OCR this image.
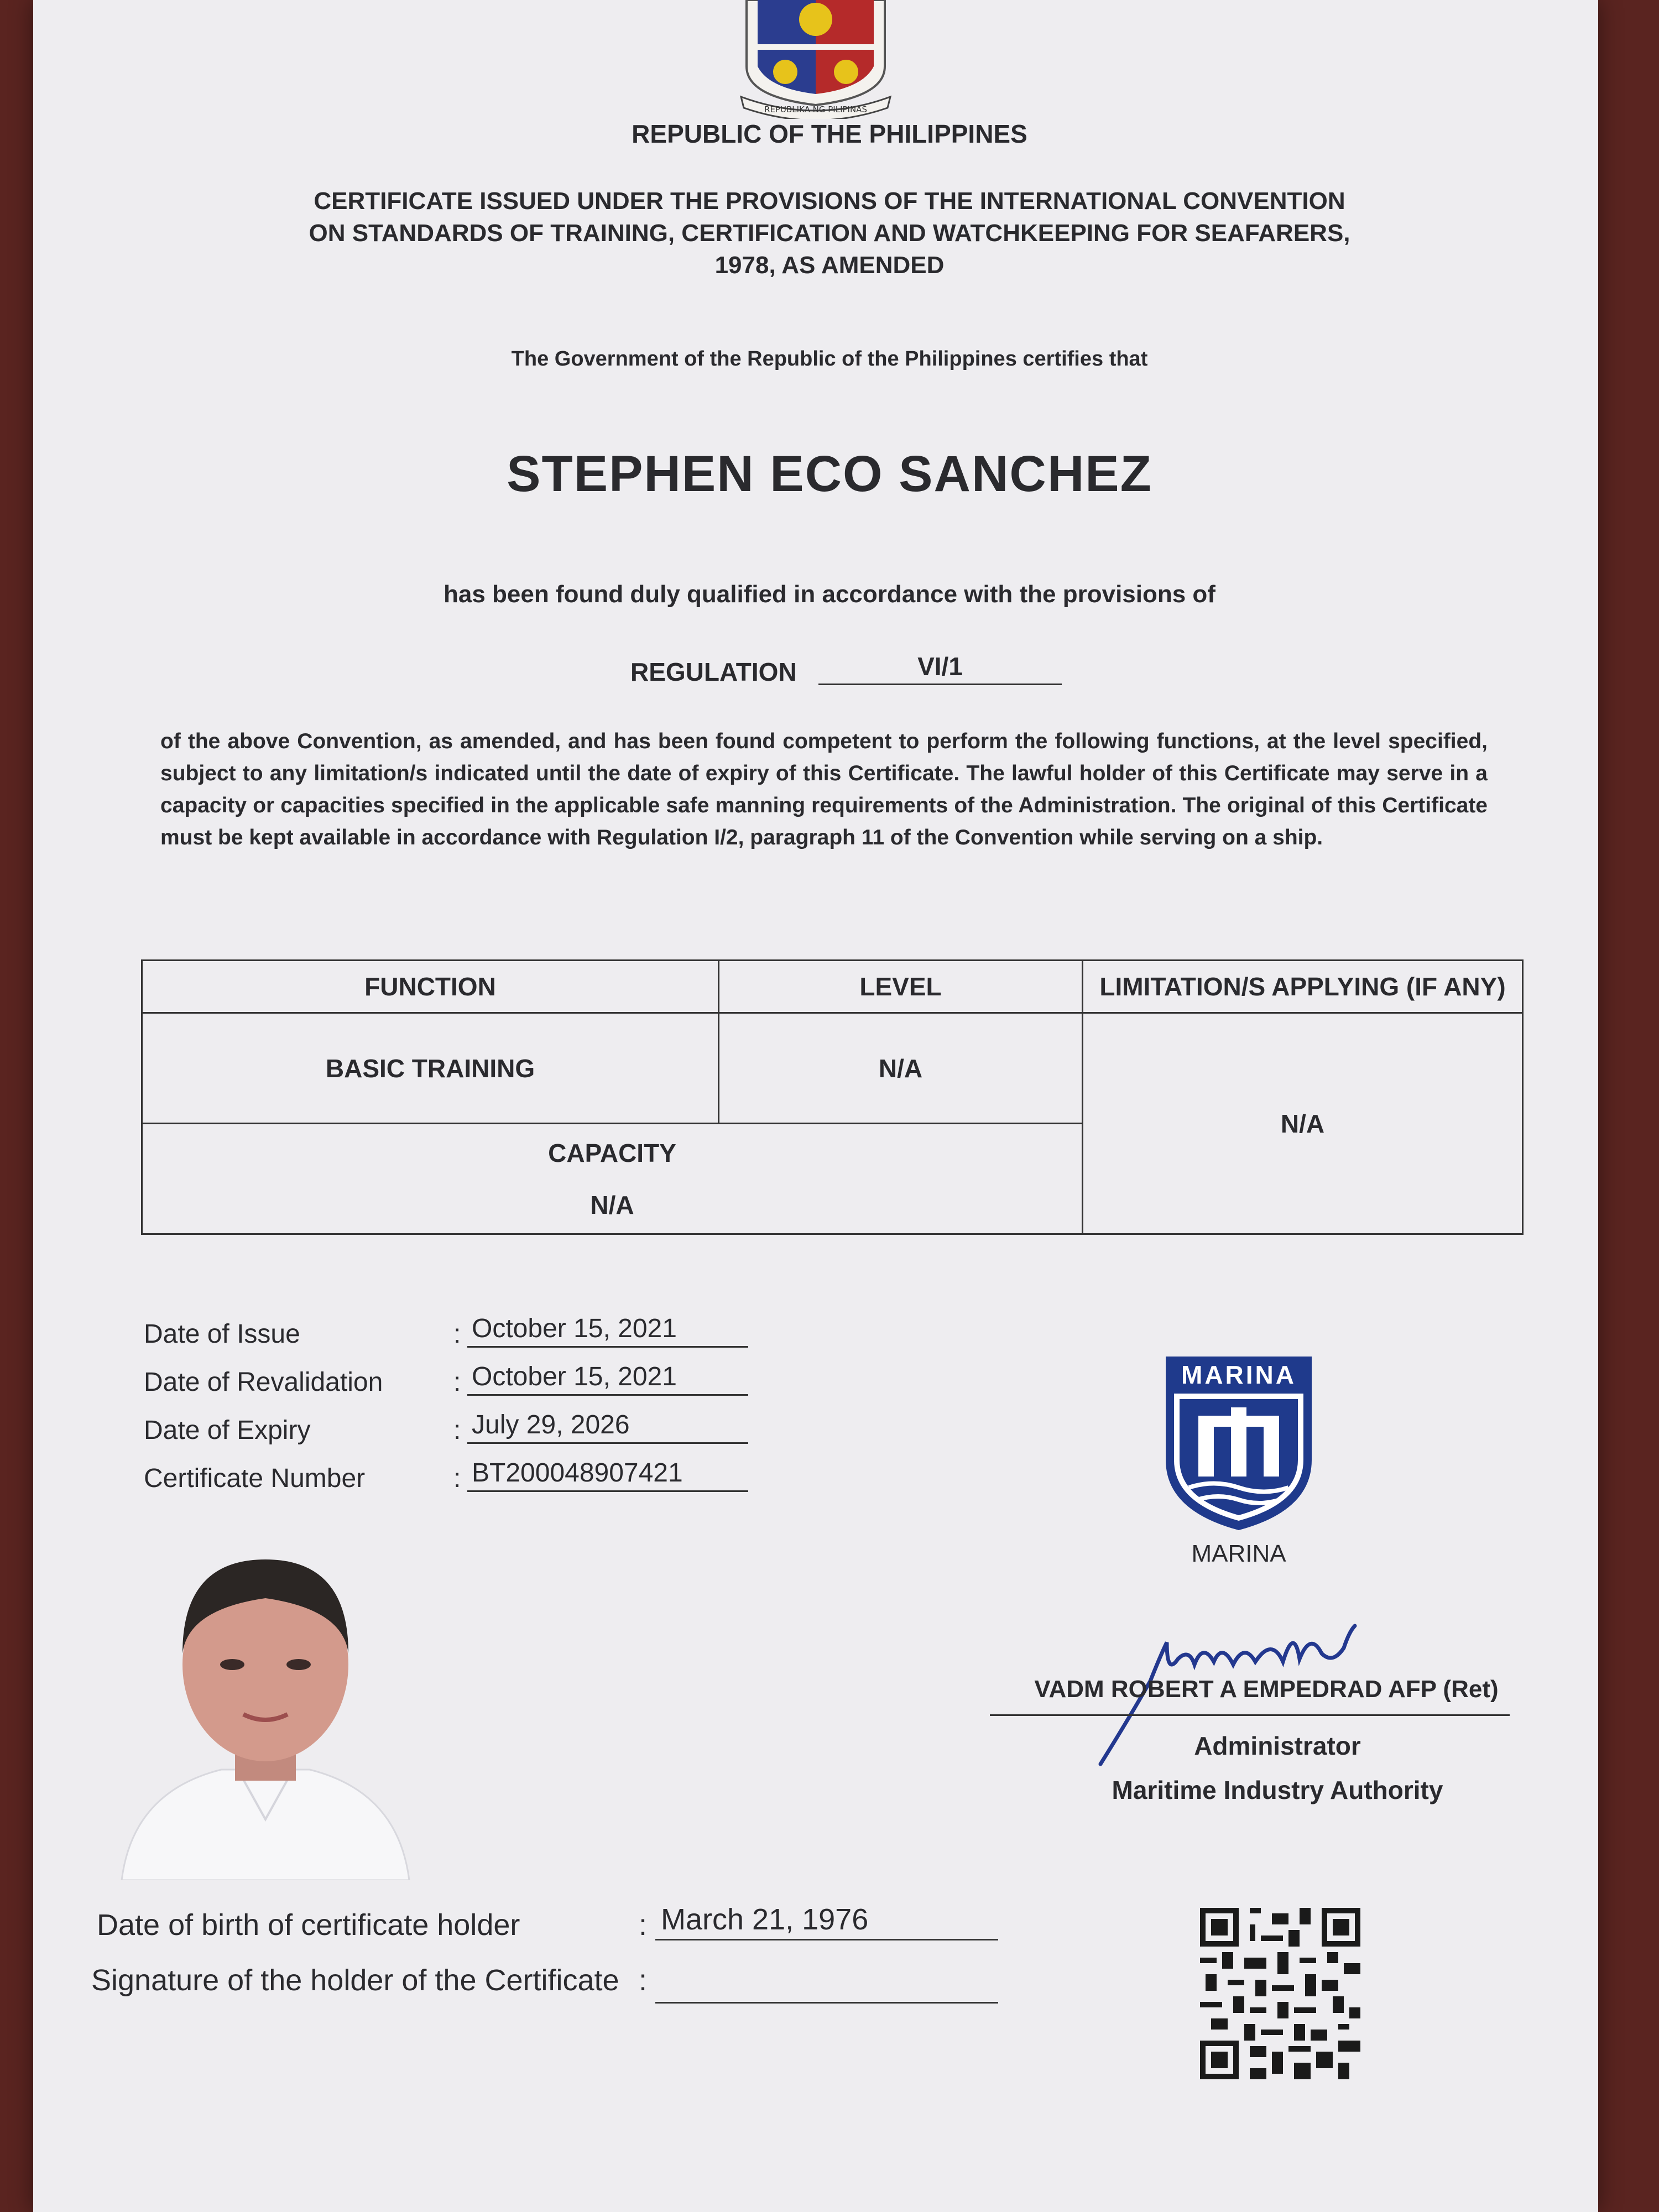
REPUBLIKA NG PILIPINAS
REPUBLIC OF THE PHILIPPINES
CERTIFICATE ISSUED UNDER THE PROVISIONS OF THE INTERNATIONAL CONVENTION ON STANDARDS OF TRAINING, CERTIFICATION AND WATCHKEEPING FOR SEAFARERS, 1978, AS AMENDED
The Government of the Republic of the Philippines certifies that
STEPHEN ECO SANCHEZ
has been found duly qualified in accordance with the provisions of
REGULATION	VI/1
of the above Convention, as amended, and has been found competent to perform the following functions, at the level specified, subject to any limitation/s indicated until the date of expiry of this Certificate. The lawful holder of this Certificate may serve in a capacity or capacities specified in the applicable safe manning requirements of the Administration. The original of this Certificate must be kept available in accordance with Regulation I/2, paragraph 11 of the Convention while serving on a ship.
FUNCTION	LEVEL	LIMITATION/S APPLYING (IF ANY)
BASIC TRAINING	N/A	N/A

CAPACITY
N/A		
Date of Issue	: October 15, 2021
Date of Revalidation	: October 15, 2021
Date of Expiry	: July 29, 2026
Certificate Number	: BT200048907421
MARINA
MARINA
VADM ROBERT A EMPEDRAD AFP (Ret)
Administrator
Maritime Industry Authority
Date of birth of certificate holder	: March 21, 1976
Signature of the holder of the Certificate :
